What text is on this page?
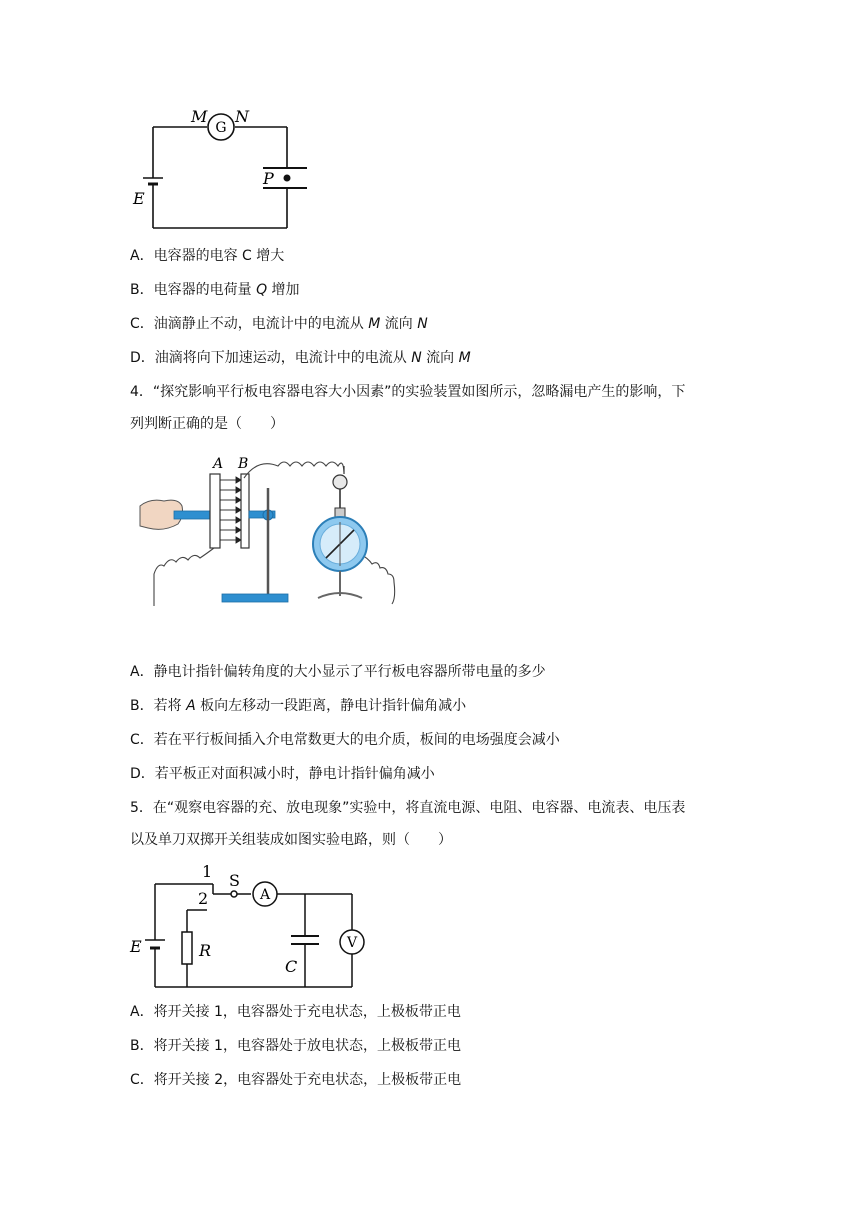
G
M N
E
P
A．电容器的电容 C 增大
B．电容器的电荷量 Q 增加
C．油滴静止不动，电流计中的电流从 M 流向 N
D．油滴将向下加速运动，电流计中的电流从 N 流向 M
4．“探究影响平行板电容器电容大小因素”的实验装置如图所示，忽略漏电产生的影响，下
列判断正确的是（　　）
A B
A．静电计指针偏转角度的大小显示了平行板电容器所带电量的多少
B．若将 A 板向左移动一段距离，静电计指针偏角减小
C．若在平行板间插入介电常数更大的电介质，板间的电场强度会减小
D．若平板正对面积减小时，静电计指针偏角减小
5．在“观察电容器的充、放电现象”实验中，将直流电源、电阻、电容器、电流表、电压表
以及单刀双掷开关组装成如图实验电路，则（　　）
1
2
S
A
V
E	R
C
A．将开关接 1，电容器处于充电状态，上极板带正电
B．将开关接 1，电容器处于放电状态，上极板带正电
C．将开关接 2，电容器处于充电状态，上极板带正电
